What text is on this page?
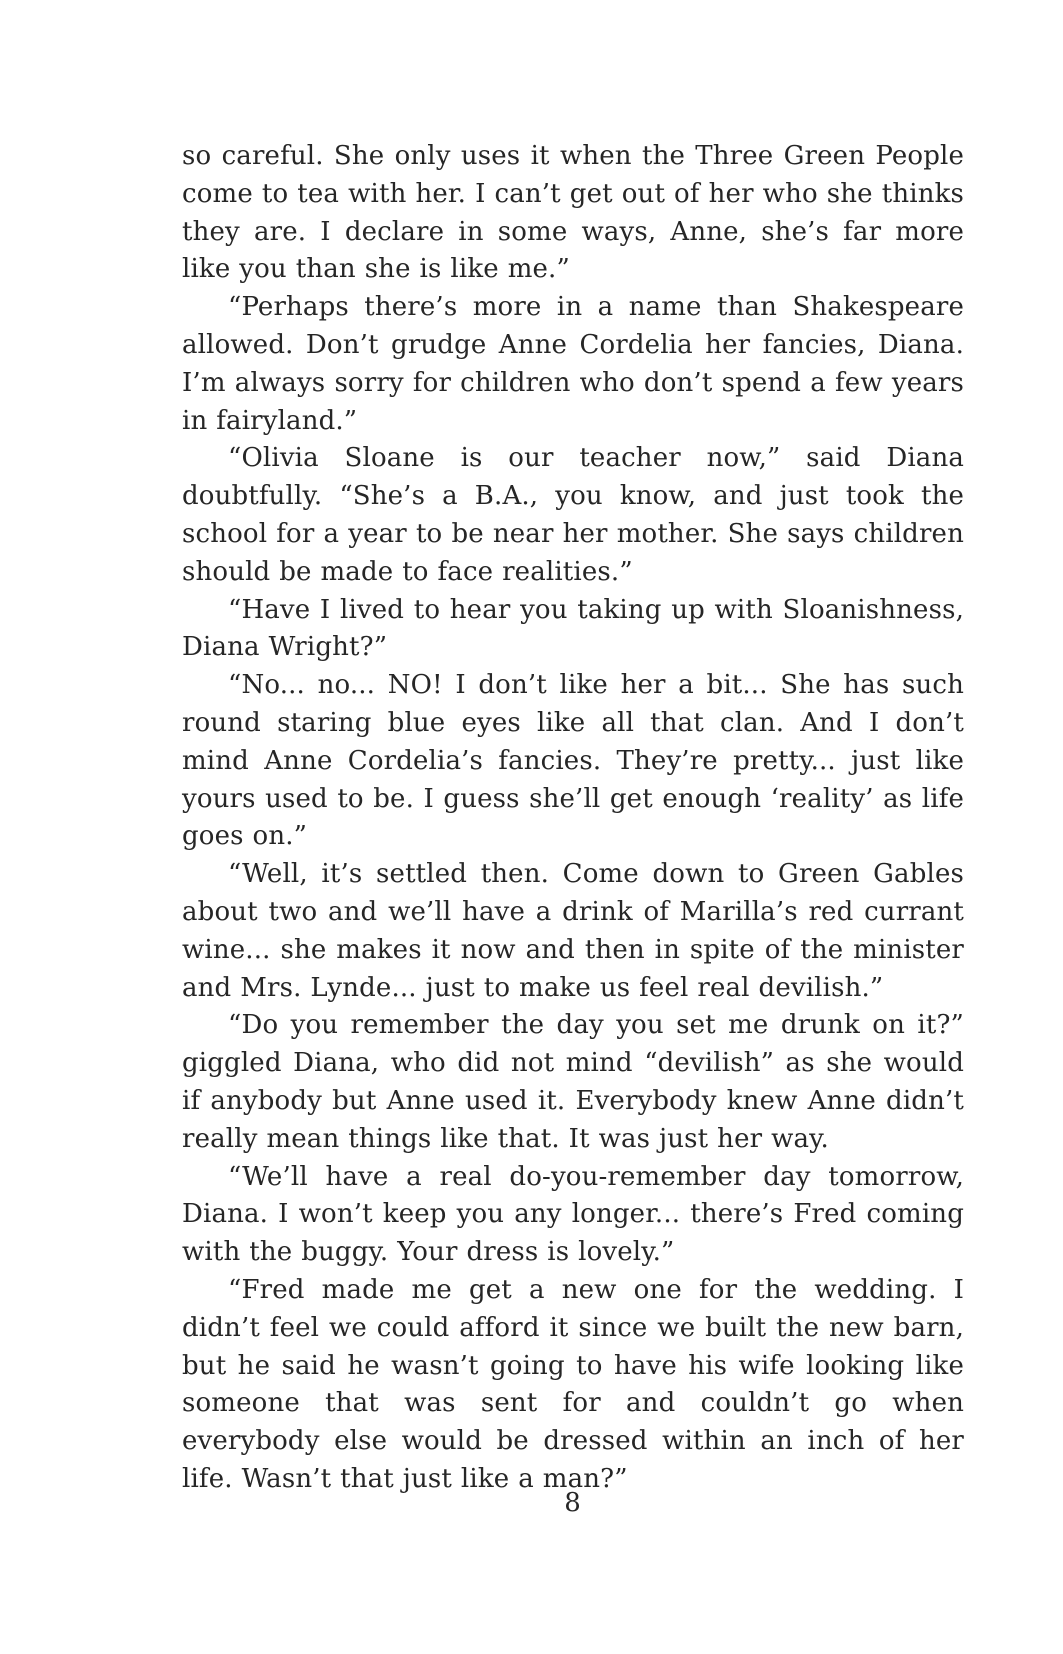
so careful. She only uses it when the Three Green People come to tea with her. I can’t get out of her who she thinks they are. I declare in some ways, Anne, she’s far more like you than she is like me.”

“Perhaps there’s more in a name than Shakespeare allowed. Don’t grudge Anne Cordelia her fancies, Diana. I’m always sorry for children who don’t spend a few years in fairyland.”

“Olivia Sloane is our teacher now,” said Diana doubtfully. “She’s a B.A., you know, and just took the school for a year to be near her mother. She says children should be made to face realities.”

“Have I lived to hear you taking up with Sloanishness, Diana Wright?”

“No... no... NO! I don’t like her a bit... She has such round staring blue eyes like all that clan. And I don’t mind Anne Cordelia’s fancies. They’re pretty... just like yours used to be. I guess she’ll get enough ‘reality’ as life goes on.”

“Well, it’s settled then. Come down to Green Gables about two and we’ll have a drink of Marilla’s red currant wine... she makes it now and then in spite of the minister and Mrs. Lynde... just to make us feel real devilish.”

“Do you remember the day you set me drunk on it?” giggled Diana, who did not mind “devilish” as she would if anybody but Anne used it. Everybody knew Anne didn’t really mean things like that. It was just her way.

“We’ll have a real do-you-remember day tomorrow, Diana. I won’t keep you any longer... there’s Fred coming with the buggy. Your dress is lovely.”

“Fred made me get a new one for the wedding. I didn’t feel we could afford it since we built the new barn, but he said he wasn’t going to have his wife looking like someone that was sent for and couldn’t go when everybody else would be dressed within an inch of her life. Wasn’t that just like a man?”

8
